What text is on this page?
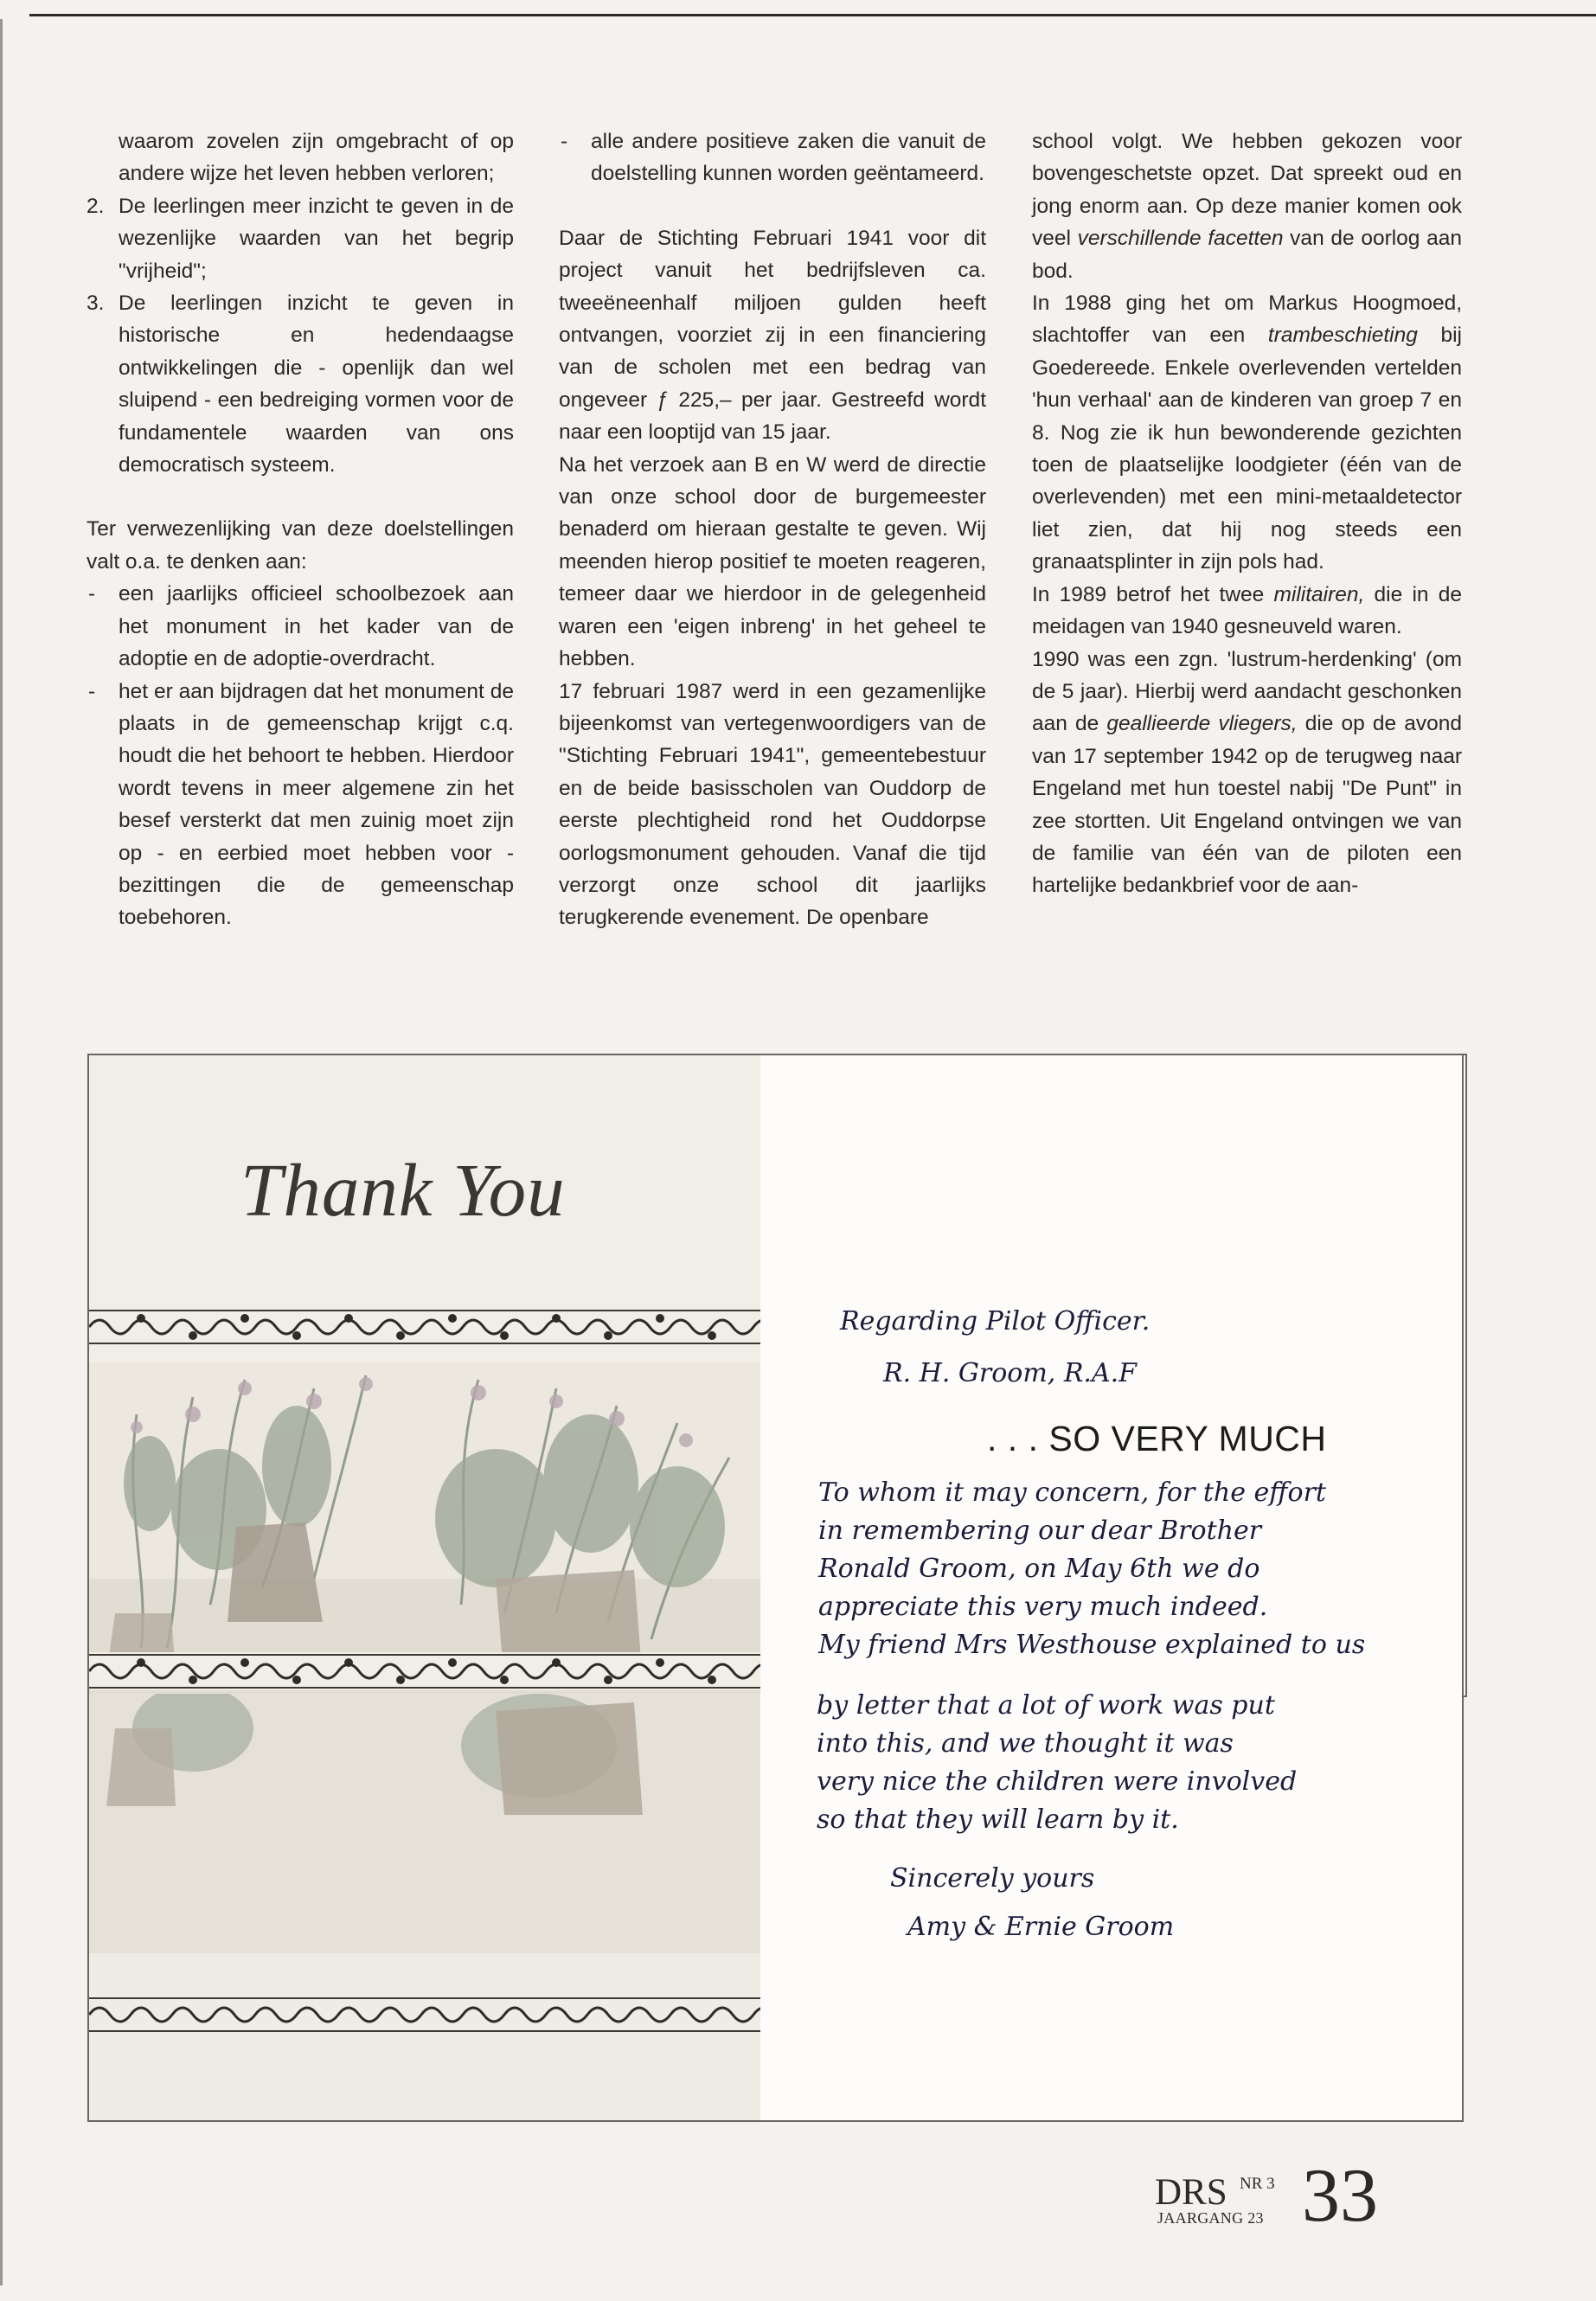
waarom zovelen zijn omgebracht of op andere wijze het leven hebben verloren;

2. De leerlingen meer inzicht te geven in de wezenlijke waarden van het begrip "vrijheid";
3. De leerlingen inzicht te geven in historische en hedendaagse ontwikkelingen die - openlijk dan wel sluipend - een bedreiging vormen voor de fundamentele waarden van ons democratisch systeem.

Ter verwezenlijking van deze doelstellingen valt o.a. te denken aan:

- een jaarlijks officieel schoolbezoek aan het monument in het kader van de adoptie en de adoptie-overdracht.
- het er aan bijdragen dat het monument de plaats in de gemeenschap krijgt c.q. houdt die het behoort te hebben. Hierdoor wordt tevens in meer algemene zin het besef versterkt dat men zuinig moet zijn op - en eerbied moet hebben voor - bezittingen die de gemeenschap toebehoren.
- alle andere positieve zaken die vanuit de doelstelling kunnen worden geëntameerd.

Daar de Stichting Februari 1941 voor dit project vanuit het bedrijfsleven ca. tweeëneenhalf miljoen gulden heeft ontvangen, voorziet zij in een financiering van de scholen met een bedrag van ongeveer ƒ 225,– per jaar. Gestreefd wordt naar een looptijd van 15 jaar.

Na het verzoek aan B en W werd de directie van onze school door de burgemeester benaderd om hieraan gestalte te geven. Wij meenden hierop positief te moeten reageren, temeer daar we hierdoor in de gelegenheid waren een 'eigen inbreng' in het geheel te hebben.

17 februari 1987 werd in een gezamenlijke bijeenkomst van vertegenwoordigers van de "Stichting Februari 1941", gemeentebestuur en de beide basisscholen van Ouddorp de eerste plechtigheid rond het Ouddorpse oorlogsmonument gehouden. Vanaf die tijd verzorgt onze school dit jaarlijks terugkerende evenement. De openbare

school volgt. We hebben gekozen voor bovengeschetste opzet. Dat spreekt oud en jong enorm aan. Op deze manier komen ook veel verschillende facetten van de oorlog aan bod.

In 1988 ging het om Markus Hoogmoed, slachtoffer van een trambeschieting bij Goedereede. Enkele overlevenden vertelden 'hun verhaal' aan de kinderen van groep 7 en 8. Nog zie ik hun bewonderende gezichten toen de plaatselijke loodgieter (één van de overlevenden) met een mini-metaaldetector liet zien, dat hij nog steeds een granaatsplinter in zijn pols had.

In 1989 betrof het twee militairen, die in de meidagen van 1940 gesneuveld waren.

1990 was een zgn. 'lustrum-herdenking' (om de 5 jaar). Hierbij werd aandacht geschonken aan de geallieerde vliegers, die op de avond van 17 september 1942 op de terugweg naar Engeland met hun toestel nabij "De Punt" in zee stortten. Uit Engeland ontvingen we van de familie van één van de piloten een hartelijke bedankbrief voor de aan-

Thank You
Regarding Pilot Officer.
R. H. Groom, R.A.F
. . . SO VERY MUCH
To whom it may concern, for the effort
in remembering our dear Brother
Ronald Groom, on May 6th we do
appreciate this very much indeed.
My friend Mrs Westhouse explained to us
by letter that a lot of work was put
into this, and we thought it was
very nice the children were involved
so that they will learn by it.
Sincerely yours
Amy & Ernie Groom
DRS NR 3
JAARGANG 23 33
